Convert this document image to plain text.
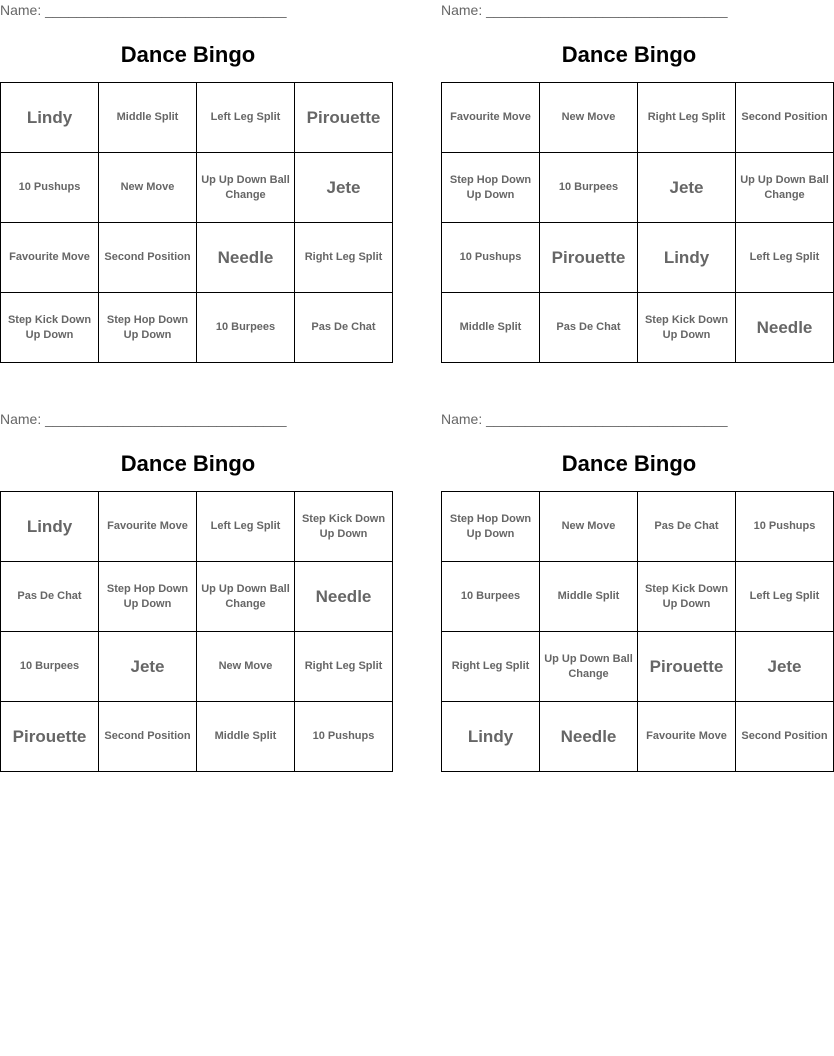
Name: _______________________________
Dance Bingo
Lindy	Middle Split	Left Leg Split	Pirouette
10 Pushups	New Move	Up Up Down Ball Change	Jete
Favourite Move	Second Position	Needle	Right Leg Split
Step Kick Down Up Down	Step Hop Down Up Down	10 Burpees	Pas De Chat
Name: _______________________________
Dance Bingo
Favourite Move	New Move	Right Leg Split	Second Position
Step Hop Down Up Down	10 Burpees	Jete	Up Up Down Ball Change
10 Pushups	Pirouette	Lindy	Left Leg Split
Middle Split	Pas De Chat	Step Kick Down Up Down	Needle
Name: _______________________________
Dance Bingo
Lindy	Favourite Move	Left Leg Split	Step Kick Down Up Down
Pas De Chat	Step Hop Down Up Down	Up Up Down Ball Change	Needle
10 Burpees	Jete	New Move	Right Leg Split
Pirouette	Second Position	Middle Split	10 Pushups
Name: _______________________________
Dance Bingo
Step Hop Down Up Down	New Move	Pas De Chat	10 Pushups
10 Burpees	Middle Split	Step Kick Down Up Down	Left Leg Split
Right Leg Split	Up Up Down Ball Change	Pirouette	Jete
Lindy	Needle	Favourite Move	Second Position
